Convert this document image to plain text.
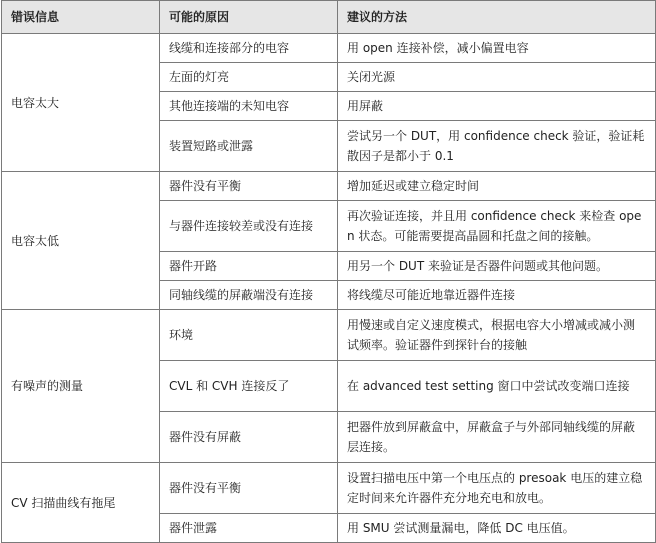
错误信息	可能的原因	建议的方法
电容太大	线缆和连接部分的电容	用 open 连接补偿，减小偏置电容
	左面的灯亮	关闭光源
	其他连接端的未知电容	用屏蔽
	装置短路或泄露	尝试另一个 DUT，用 confidence check 验证，验证耗散因子是都小于 0.1
电容太低	器件没有平衡	增加延迟或建立稳定时间
	与器件连接较差或没有连接	再次验证连接，并且用 confidence check 来检查 open 状态。可能需要提高晶圆和托盘之间的接触。
	器件开路	用另一个 DUT 来验证是否器件问题或其他问题。
	同轴线缆的屏蔽端没有连接	将线缆尽可能近地靠近器件连接
有噪声的测量	环境	用慢速或自定义速度模式，根据电容大小增减或减小测试频率。验证器件到探针台的接触
	CVL 和 CVH 连接反了	在 advanced test setting 窗口中尝试改变端口连接
	器件没有屏蔽	把器件放到屏蔽盒中，屏蔽盒子与外部同轴线缆的屏蔽层连接。
CV 扫描曲线有拖尾	器件没有平衡	设置扫描电压中第一个电压点的 presoak 电压的建立稳定时间来允许器件充分地充电和放电。
	器件泄露	用 SMU 尝试测量漏电，降低 DC 电压值。
